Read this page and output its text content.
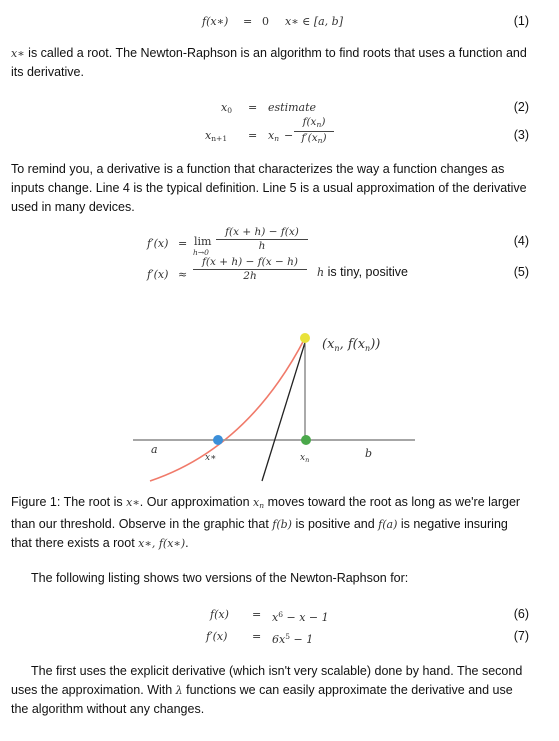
f(x∗) = 0 x∗ ∈ [a, b]	(1)
x∗ is called a root. The Newton-Raphson is an algorithm to find roots that uses a function and its derivative.
$x_0$ = estimate	(2)
$x_{n+1} = x_n - \frac{f(x_n)}{f'(x_n)}$	(3)
To remind you, a derivative is a function that characterizes the way a function changes as inputs change. Line 4 is the typical definition. Line 5 is a usual approximation of the derivative used in many devices.
f′(x) = lim
$h\to 0 \frac{f(x + h) - f(x)}{h}$	(4)
$f'(x) \approx \frac{f(x + h) - f(x - h)}{2h}$ h is tiny, positive	(5)
($x_n$, $f(x_n)$)
a
x∗	$x_n$	b
Figure 1: The root is x∗. Our approximation $x_n$ moves toward the root as long as we're larger than our threshold. Observe in the graphic that f(b) is positive and f(a) is negative insuring that there exists a root x∗, f(x∗).
The following listing shows two versions of the Newton-Raphson for:
$f(x) = x^6 - x - 1$	(6)
$f'(x) = 6x^5 - 1$	(7)
The first uses the explicit derivative (which isn't very scalable) done by hand. The second uses the approximation. With λ functions we can easily approximate the derivative and use the algorithm without any changes.
